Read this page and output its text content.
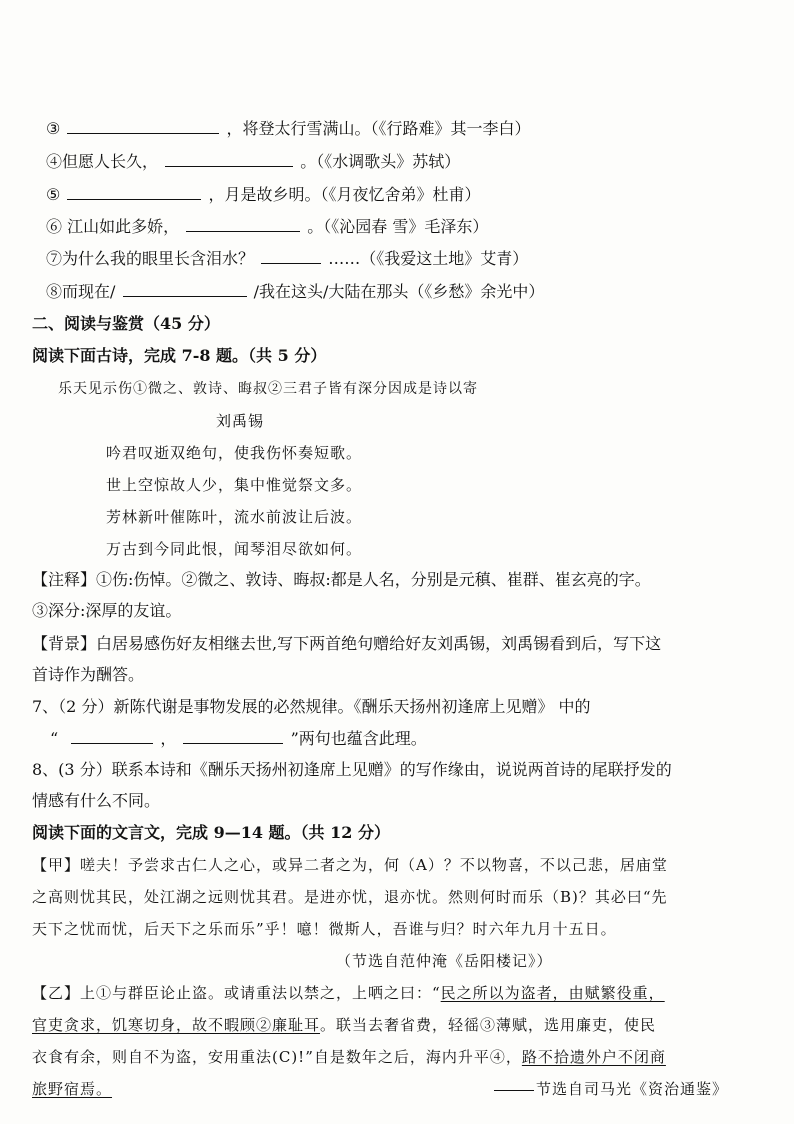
③	，将登太行雪满山。（《行路难》其一李白）
④但愿人长久，	。（《水调歌头》苏轼）
⑤	，月是故乡明。（《月夜忆舍弟》杜甫）
⑥ 江山如此多娇，	。（《沁园春 雪》毛泽东）
⑦为什么我的眼里长含泪水？	……（《我爱这土地》艾青）
⑧而现在/	/我在这头/大陆在那头（《乡愁》余光中）
二、阅读与鉴赏（45 分）
阅读下面古诗，完成 7-8 题。（共 5 分）
乐天见示伤①微之、敦诗、晦叔②三君子皆有深分因成是诗以寄
刘禹锡
吟君叹逝双绝句，使我伤怀奏短歌。
世上空惊故人少，集中惟觉祭文多。
芳林新叶催陈叶，流水前波让后波。
万古到今同此恨，闻琴泪尽欲如何。
【注释】①伤:伤悼。②微之、敦诗、晦叔:都是人名，分别是元稹、崔群、崔玄亮的字。
③深分:深厚的友谊。
【背景】白居易感伤好友相继去世,写下两首绝句赠给好友刘禹锡，刘禹锡看到后，写下这
首诗作为酬答。
7、（2 分）新陈代谢是事物发展的必然规律。《酬乐天扬州初逢席上见赠》 中的
“	，	”两句也蕴含此理。
8、(3 分）联系本诗和《酬乐天扬州初逢席上见赠》的写作缘由，说说两首诗的尾联抒发的
情感有什么不同。
阅读下面的文言文，完成 9—14 题。（共 12 分）
【甲】嗟夫！予尝求古仁人之心，或异二者之为，何（A）？不以物喜，不以己悲，居庙堂
之高则忧其民，处江湖之远则忧其君。是进亦忧，退亦忧。然则何时而乐（B)？其必曰“先
天下之忧而忧，后天下之乐而乐”乎！噫！微斯人，吾谁与归？时六年九月十五日。
（节选自范仲淹《岳阳楼记》）
【乙】上①与群臣论止盗。或请重法以禁之，上哂之曰：“民之所以为盗者，由赋繁役重，
官吏贪求，饥寒切身，故不暇顾②廉耻耳。联当去奢省费，轻徭③薄赋，选用廉吏，使民
衣食有余，则自不为盗，安用重法(C)!”自是数年之后，海内升平④，路不拾遗外户不闭商
旅野宿焉。	节选自司马光《资治通鉴》
